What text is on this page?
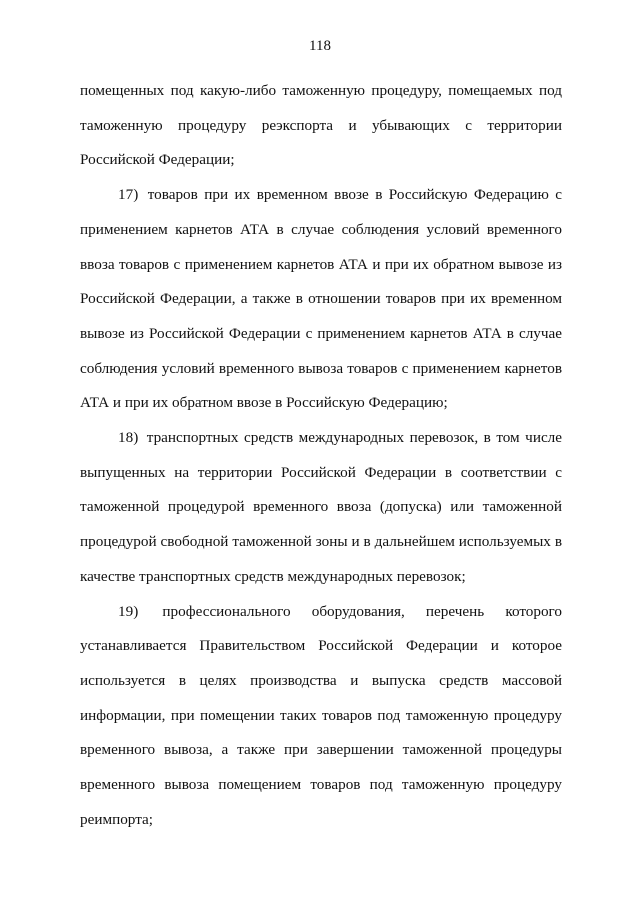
118

помещенных под какую-либо таможенную процедуру, помещаемых под
таможенную процедуру реэкспорта и убывающих с территории
Российской Федерации;

17) товаров при их временном ввозе в Российскую Федерацию с
применением карнетов АТА в случае соблюдения условий временного
ввоза товаров с применением карнетов АТА и при их обратном вывозе из
Российской Федерации, а также в отношении товаров при их временном
вывозе из Российской Федерации с применением карнетов АТА в случае
соблюдения условий временного вывоза товаров с применением карнетов
АТА и при их обратном ввозе в Российскую Федерацию;

18) транспортных средств международных перевозок, в том числе
выпущенных на территории Российской Федерации в соответствии с
таможенной процедурой временного ввоза (допуска) или таможенной
процедурой свободной таможенной зоны и в дальнейшем используемых в
качестве транспортных средств международных перевозок;

19) профессионального оборудования, перечень которого
устанавливается Правительством Российской Федерации и которое
используется в целях производства и выпуска средств массовой
информации, при помещении таких товаров под таможенную процедуру
временного вывоза, а также при завершении таможенной процедуры
временного вывоза помещением товаров под таможенную процедуру
реимпорта;
